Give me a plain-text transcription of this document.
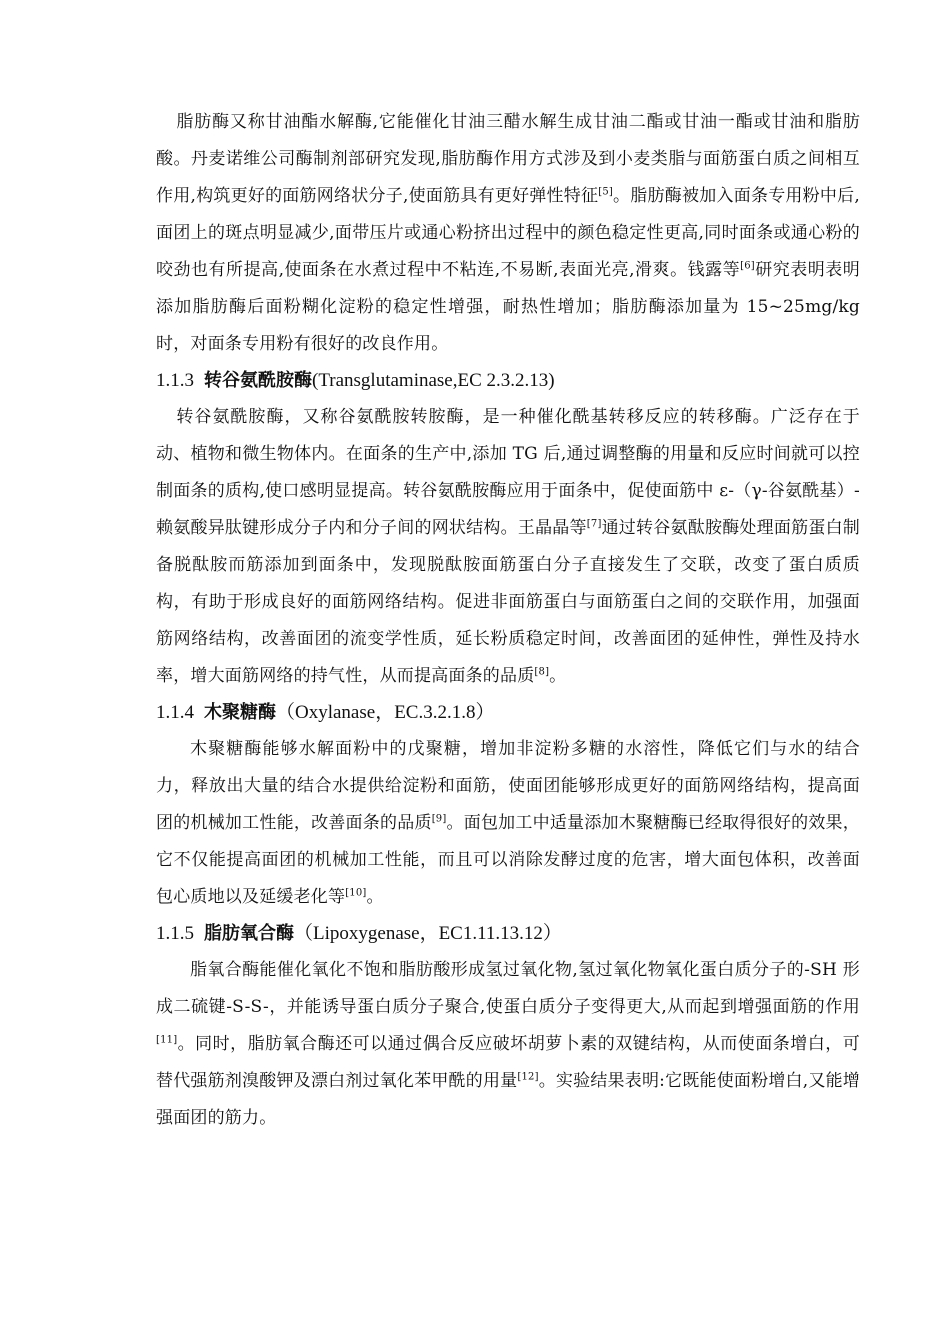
脂肪酶又称甘油酯水解酶,它能催化甘油三醋水解生成甘油二酯或甘油一酯或甘油和脂肪酸。丹麦诺维公司酶制剂部研究发现,脂肪酶作用方式涉及到小麦类脂与面筋蛋白质之间相互作用,构筑更好的面筋网络状分子,使面筋具有更好弹性特征[5]。脂肪酶被加入面条专用粉中后,面团上的斑点明显减少,面带压片或通心粉挤出过程中的颜色稳定性更高,同时面条或通心粉的咬劲也有所提高,使面条在水煮过程中不粘连,不易断,表面光亮,滑爽。钱露等[6]研究表明表明添加脂肪酶后面粉糊化淀粉的稳定性增强，耐热性增加；脂肪酶添加量为 15~25mg/kg 时，对面条专用粉有很好的改良作用。

1.1.3 转谷氨酰胺酶(Transglutaminase,EC 2.3.2.13)

转谷氨酰胺酶，又称谷氨酰胺转胺酶，是一种催化酰基转移反应的转移酶。广泛存在于动、植物和微生物体内。在面条的生产中,添加 TG 后,通过调整酶的用量和反应时间就可以控制面条的质构,使口感明显提高。转谷氨酰胺酶应用于面条中，促使面筋中 ε-（γ-谷氨酰基）-赖氨酸异肽键形成分子内和分子间的网状结构。王晶晶等[7]通过转谷氨酞胺酶处理面筋蛋白制备脱酞胺而筋添加到面条中，发现脱酞胺面筋蛋白分子直接发生了交联，改变了蛋白质质构，有助于形成良好的面筋网络结构。促进非面筋蛋白与面筋蛋白之间的交联作用，加强面筋网络结构，改善面团的流变学性质，延长粉质稳定时间，改善面团的延伸性，弹性及持水率，增大面筋网络的持气性，从而提高面条的品质[8]。

1.1.4 木聚糖酶（Oxylanase，EC.3.2.1.8）

木聚糖酶能够水解面粉中的戊聚糖，增加非淀粉多糖的水溶性，降低它们与水的结合力，释放出大量的结合水提供给淀粉和面筋，使面团能够形成更好的面筋网络结构，提高面团的机械加工性能，改善面条的品质[9]。面包加工中适量添加木聚糖酶已经取得很好的效果，它不仅能提高面团的机械加工性能，而且可以消除发酵过度的危害，增大面包体积，改善面包心质地以及延缓老化等[10]。

1.1.5 脂肪氧合酶（Lipoxygenase，EC1.11.13.12）

脂氧合酶能催化氧化不饱和脂肪酸形成氢过氧化物,氢过氧化物氧化蛋白质分子的-SH 形成二硫键-S-S-，并能诱导蛋白质分子聚合,使蛋白质分子变得更大,从而起到增强面筋的作用[11]。同时，脂肪氧合酶还可以通过偶合反应破坏胡萝卜素的双键结构，从而使面条增白，可替代强筋剂溴酸钾及漂白剂过氧化苯甲酰的用量[12]。实验结果表明:它既能使面粉增白,又能增强面团的筋力。
